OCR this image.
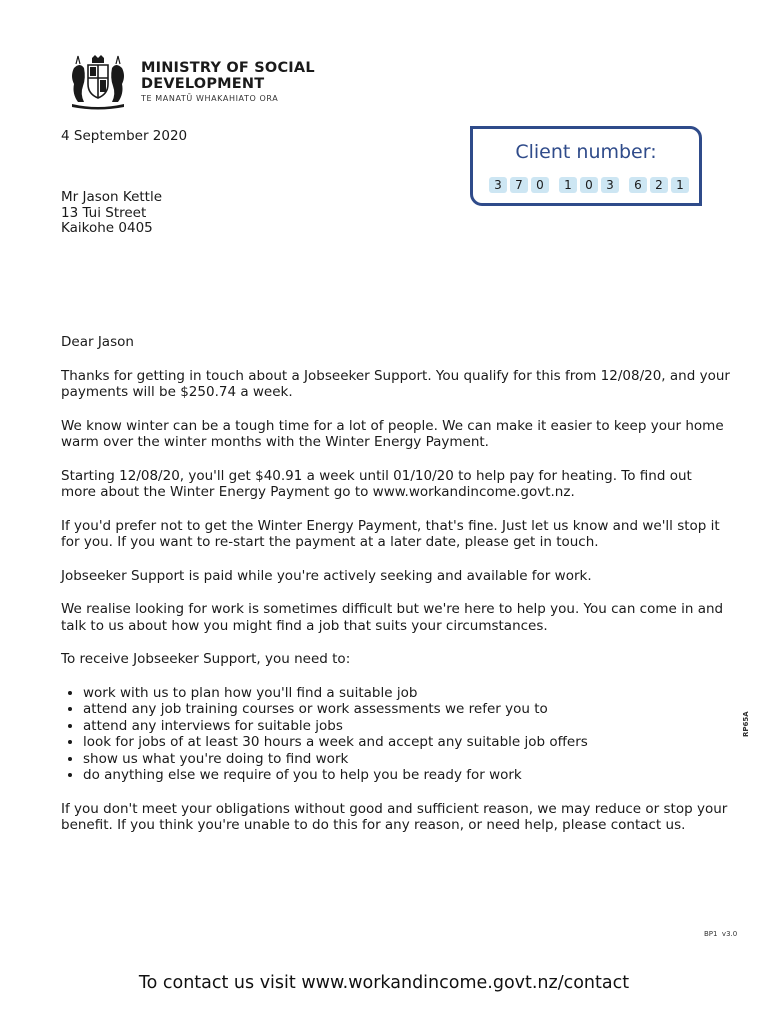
MINISTRY OF SOCIAL
DEVELOPMENT
TE MANATŪ WHAKAHIATO ORA
4 September 2020
Client number:
3	7	0	1	0	3	6	2	1
Mr Jason Kettle
13 Tui Street
Kaikohe 0405

Dear Jason

Thanks for getting in touch about a Jobseeker Support. You qualify for this from 12/08/20, and your payments will be $250.74 a week.

We know winter can be a tough time for a lot of people. We can make it easier to keep your home warm over the winter months with the Winter Energy Payment.

Starting 12/08/20, you'll get $40.91 a week until 01/10/20 to help pay for heating. To find out more about the Winter Energy Payment go to www.workandincome.govt.nz.

If you'd prefer not to get the Winter Energy Payment, that's fine. Just let us know and we'll stop it for you. If you want to re-start the payment at a later date, please get in touch.

Jobseeker Support is paid while you're actively seeking and available for work.

We realise looking for work is sometimes difficult but we're here to help you. You can come in and talk to us about how you might find a job that suits your circumstances.

To receive Jobseeker Support, you need to:

• work with us to plan how you'll find a suitable job
• attend any job training courses or work assessments we refer you to
• attend any interviews for suitable jobs
• look for jobs of at least 30 hours a week and accept any suitable job offers
• show us what you're doing to find work
• do anything else we require of you to help you be ready for work

If you don't meet your obligations without good and sufficient reason, we may reduce or stop your benefit. If you think you're unable to do this for any reason, or need help, please contact us.

RP65A
BP1  v3.0
To contact us visit www.workandincome.govt.nz/contact
